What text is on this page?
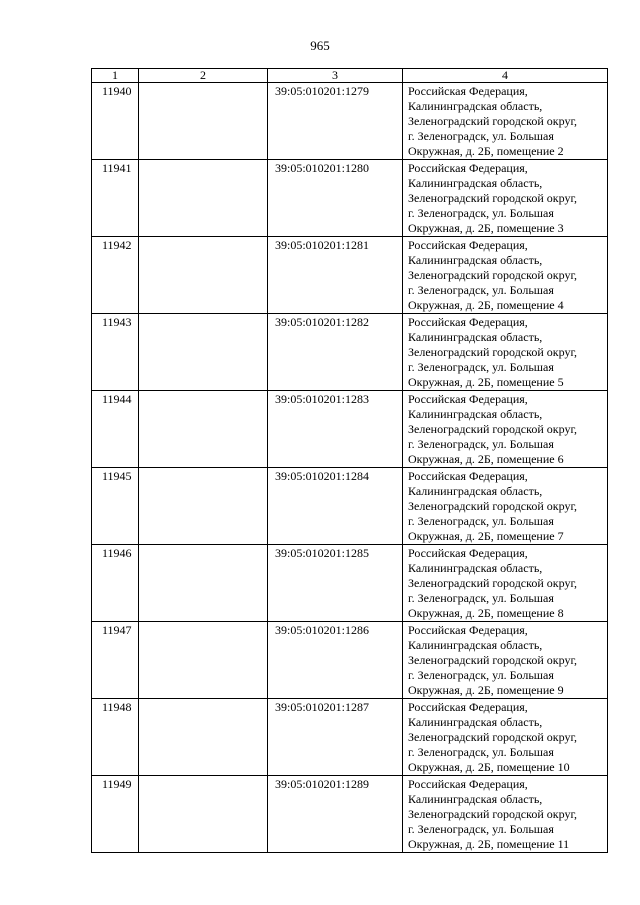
965
1	2	3	4

11940		39:05:010201:1279	Российская Федерация,
Калининградская область,
Зеленоградский городской округ,
г. Зеленоградск, ул. Большая
Окружная, д. 2Б, помещение 2

11941		39:05:010201:1280	Российская Федерация,
Калининградская область,
Зеленоградский городской округ,
г. Зеленоградск, ул. Большая
Окружная, д. 2Б, помещение 3

11942		39:05:010201:1281	Российская Федерация,
Калининградская область,
Зеленоградский городской округ,
г. Зеленоградск, ул. Большая
Окружная, д. 2Б, помещение 4

11943		39:05:010201:1282	Российская Федерация,
Калининградская область,
Зеленоградский городской округ,
г. Зеленоградск, ул. Большая
Окружная, д. 2Б, помещение 5

11944		39:05:010201:1283	Российская Федерация,
Калининградская область,
Зеленоградский городской округ,
г. Зеленоградск, ул. Большая
Окружная, д. 2Б, помещение 6

11945		39:05:010201:1284	Российская Федерация,
Калининградская область,
Зеленоградский городской округ,
г. Зеленоградск, ул. Большая
Окружная, д. 2Б, помещение 7

11946		39:05:010201:1285	Российская Федерация,
Калининградская область,
Зеленоградский городской округ,
г. Зеленоградск, ул. Большая
Окружная, д. 2Б, помещение 8

11947		39:05:010201:1286	Российская Федерация,
Калининградская область,
Зеленоградский городской округ,
г. Зеленоградск, ул. Большая
Окружная, д. 2Б, помещение 9

11948		39:05:010201:1287	Российская Федерация,
Калининградская область,
Зеленоградский городской округ,
г. Зеленоградск, ул. Большая
Окружная, д. 2Б, помещение 10

11949		39:05:010201:1289	Российская Федерация,
Калининградская область,
Зеленоградский городской округ,
г. Зеленоградск, ул. Большая
Окружная, д. 2Б, помещение 11
